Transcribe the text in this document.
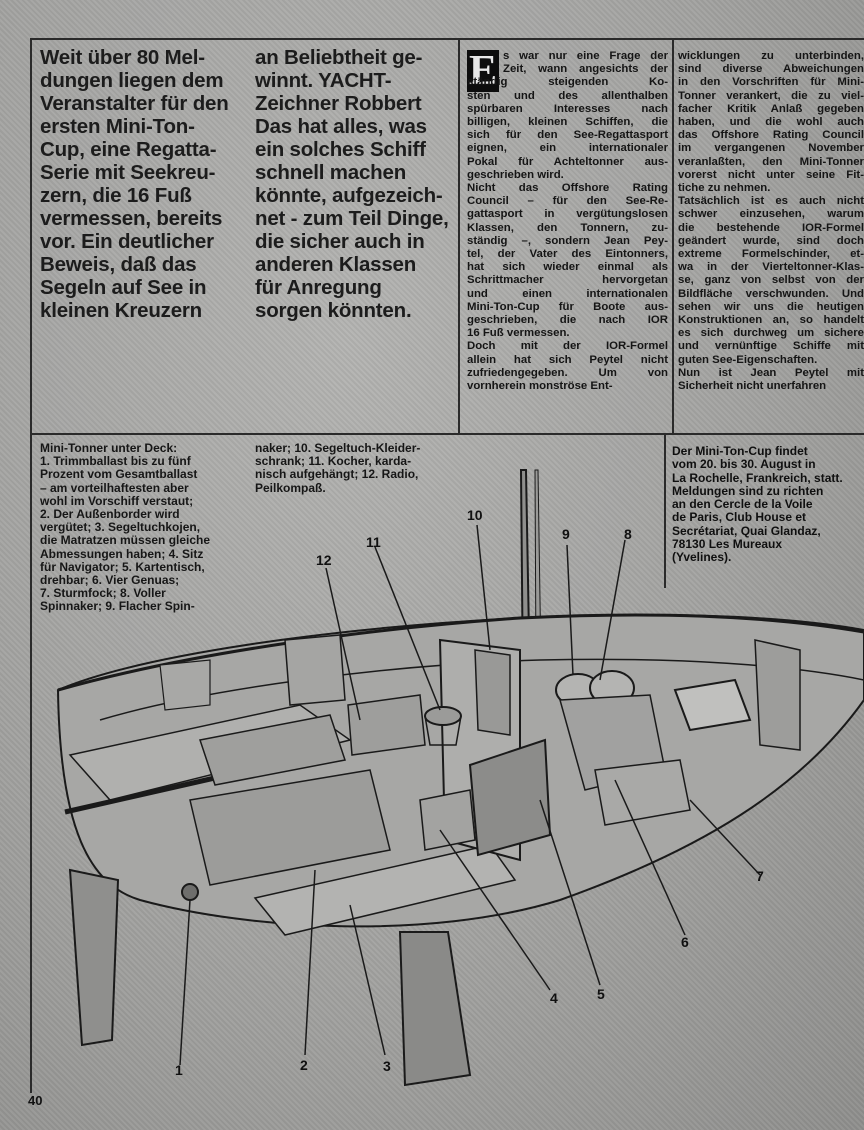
Weit über 80 Mel-
dungen liegen dem
Veranstalter für den
ersten Mini-Ton-
Cup, eine Regatta-
Serie mit Seekreu-
zern, die 16 Fuß
vermessen, bereits
vor. Ein deutlicher
Beweis, daß das
Segeln auf See in
kleinen Kreuzern
an Beliebtheit ge-
winnt. YACHT-
Zeichner Robbert
Das hat alles, was
ein solches Schiff
schnell machen
könnte, aufgezeich-
net - zum Teil Dinge,
die sicher auch in
anderen Klassen
für Anregung
sorgen könnten.
E s war nur eine Frage der
Zeit, wann angesichts der
ständig steigenden Ko-
sten und des allenthalben
spürbaren Interesses nach
billigen, kleinen Schiffen, die
sich für den See-Regattasport
eignen, ein internationaler
Pokal für Achteltonner aus-
geschrieben wird.
Nicht das Offshore Rating
Council – für den See-Re-
gattasport in vergütungslosen
Klassen, den Tonnern, zu-
ständig –, sondern Jean Pey-
tel, der Vater des Eintonners,
hat sich wieder einmal als
Schrittmacher hervorgetan
und einen internationalen
Mini-Ton-Cup für Boote aus-
geschrieben, die nach IOR
16 Fuß vermessen.
Doch mit der IOR-Formel
allein hat sich Peytel nicht
zufriedengegeben. Um von
vornherein monströse Ent-
wicklungen zu unterbinden,
sind diverse Abweichungen
in den Vorschriften für Mini-
Tonner verankert, die zu viel-
facher Kritik Anlaß gegeben
haben, und die wohl auch
das Offshore Rating Council
im vergangenen November
veranlaßten, den Mini-Tonner
vorerst nicht unter seine Fit-
tiche zu nehmen.
Tatsächlich ist es auch nicht
schwer einzusehen, warum
die bestehende IOR-Formel
geändert wurde, sind doch
extreme Formelschinder, et-
wa in der Vierteltonner-Klas-
se, ganz von selbst von der
Bildfläche verschwunden. Und
sehen wir uns die heutigen
Konstruktionen an, so handelt
es sich durchweg um sichere
und vernünftige Schiffe mit
guten See-Eigenschaften.
Nun ist Jean Peytel mit
Sicherheit nicht unerfahren
Mini-Tonner unter Deck:
1. Trimmballast bis zu fünf
Prozent vom Gesamtballast
– am vorteilhaftesten aber
wohl im Vorschiff verstaut;
2. Der Außenborder wird
vergütet; 3. Segeltuchkojen,
die Matratzen müssen gleiche
Abmessungen haben; 4. Sitz
für Navigator; 5. Kartentisch,
drehbar; 6. Vier Genuas;
7. Sturmfock; 8. Voller
Spinnaker; 9. Flacher Spin-
naker; 10. Segeltuch-Kleider-
schrank; 11. Kocher, karda-
nisch aufgehängt; 12. Radio,
Peilkompaß.
Der Mini-Ton-Cup findet
vom 20. bis 30. August in
La Rochelle, Frankreich, statt.
Meldungen sind zu richten
an den Cercle de la Voile
de Paris, Club House et
Secrétariat, Quai Glandaz,
78130 Les Mureaux
(Yvelines).
1	2	3
4	5
6
7
8
9
10
11
12
40
